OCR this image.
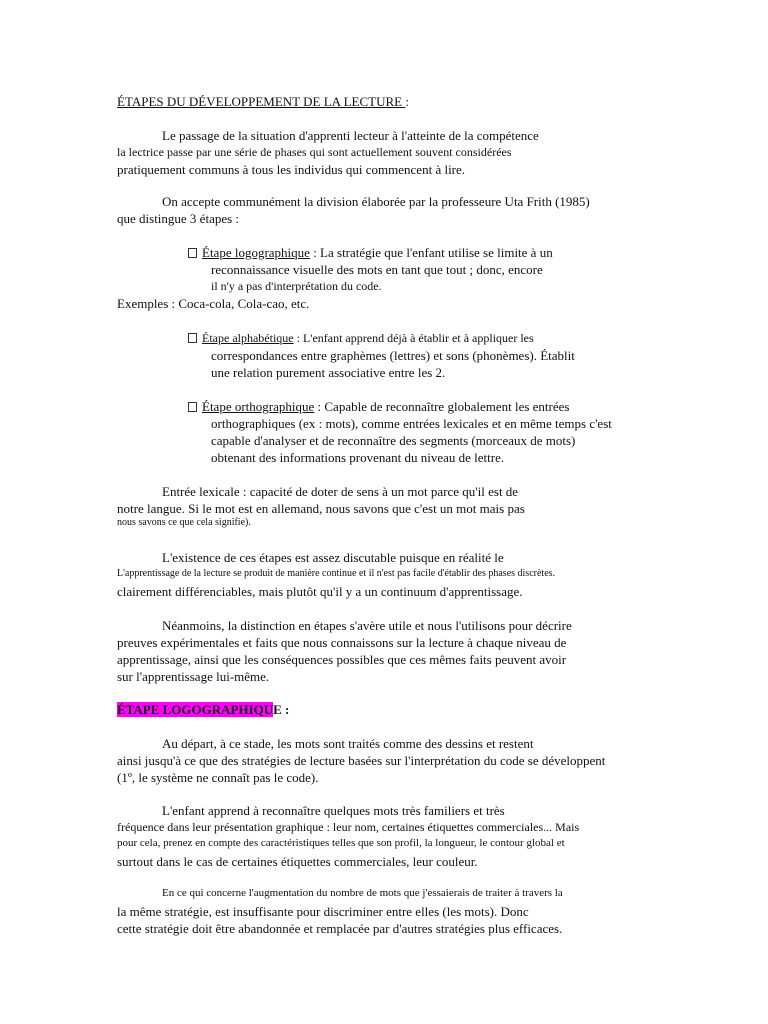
ÉTAPES DU DÉVELOPPEMENT DE LA LECTURE :
Le passage de la situation d'apprenti lecteur à l'atteinte de la compétence
la lectrice passe par une série de phases qui sont actuellement souvent considérées
pratiquement communs à tous les individus qui commencent à lire.
On accepte communément la division élaborée par la professeure Uta Frith (1985)
que distingue 3 étapes :
Étape logographique : La stratégie que l'enfant utilise se limite à un
reconnaissance visuelle des mots en tant que tout ; donc, encore
il n'y a pas d'interprétation du code.
Exemples : Coca-cola, Cola-cao, etc.
Étape alphabétique : L'enfant apprend déjà à établir et à appliquer les
correspondances entre graphèmes (lettres) et sons (phonèmes). Établit
une relation purement associative entre les 2.
Étape orthographique : Capable de reconnaître globalement les entrées
orthographiques (ex : mots), comme entrées lexicales et en même temps c'est
capable d'analyser et de reconnaître des segments (morceaux de mots)
obtenant des informations provenant du niveau de lettre.
Entrée lexicale : capacité de doter de sens à un mot parce qu'il est de
notre langue. Si le mot est en allemand, nous savons que c'est un mot mais pas
nous savons ce que cela signifie).
L'existence de ces étapes est assez discutable puisque en réalité le
L'apprentissage de la lecture se produit de manière continue et il n'est pas facile d'établir des phases discrètes.
clairement différenciables, mais plutôt qu'il y a un continuum d'apprentissage.
Néanmoins, la distinction en étapes s'avère utile et nous l'utilisons pour décrire
preuves expérimentales et faits que nous connaissons sur la lecture à chaque niveau de
apprentissage, ainsi que les conséquences possibles que ces mêmes faits peuvent avoir
sur l'apprentissage lui-même.
ÉTAPE LOGOGRAPHIQUE :
Au départ, à ce stade, les mots sont traités comme des dessins et restent
ainsi jusqu'à ce que des stratégies de lecture basées sur l'interprétation du code se développent
(1º, le système ne connaît pas le code).
L'enfant apprend à reconnaître quelques mots très familiers et très
fréquence dans leur présentation graphique : leur nom, certaines étiquettes commerciales... Mais
pour cela, prenez en compte des caractéristiques telles que son profil, la longueur, le contour global et
surtout dans le cas de certaines étiquettes commerciales, leur couleur.
En ce qui concerne l'augmentation du nombre de mots que j'essaierais de traiter à travers la
la même stratégie, est insuffisante pour discriminer entre elles (les mots). Donc
cette stratégie doit être abandonnée et remplacée par d'autres stratégies plus efficaces.
